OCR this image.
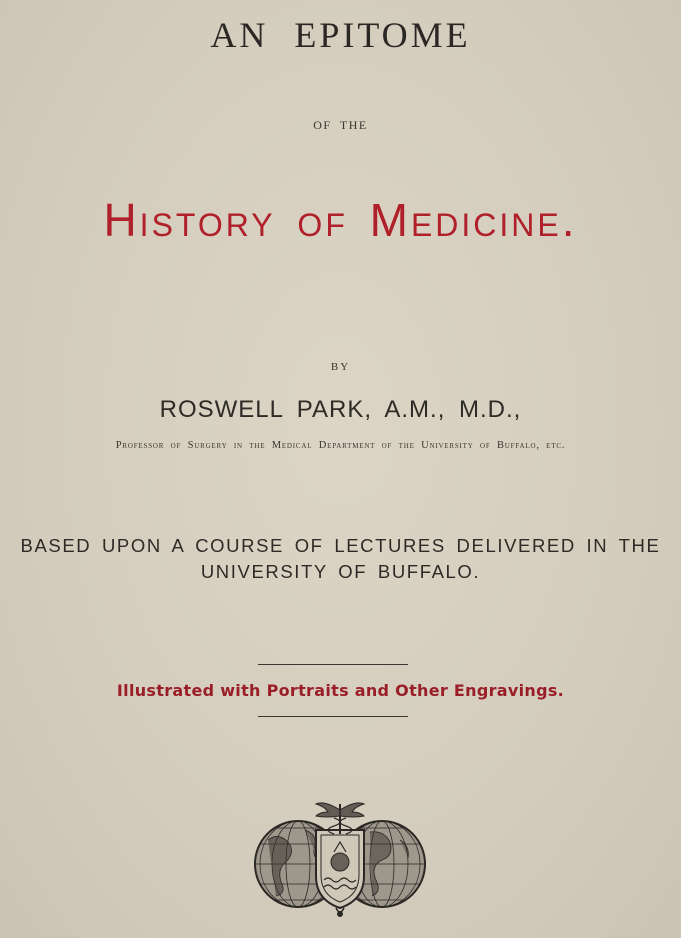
AN EPITOME
OF THE
History of Medicine.
BY
ROSWELL PARK, A.M., M.D.,
Professor of Surgery in the Medical Department of the University of Buffalo, etc.
BASED UPON A COURSE OF LECTURES DELIVERED IN THE
UNIVERSITY OF BUFFALO.
Illustrated with Portraits and Other Engravings.
